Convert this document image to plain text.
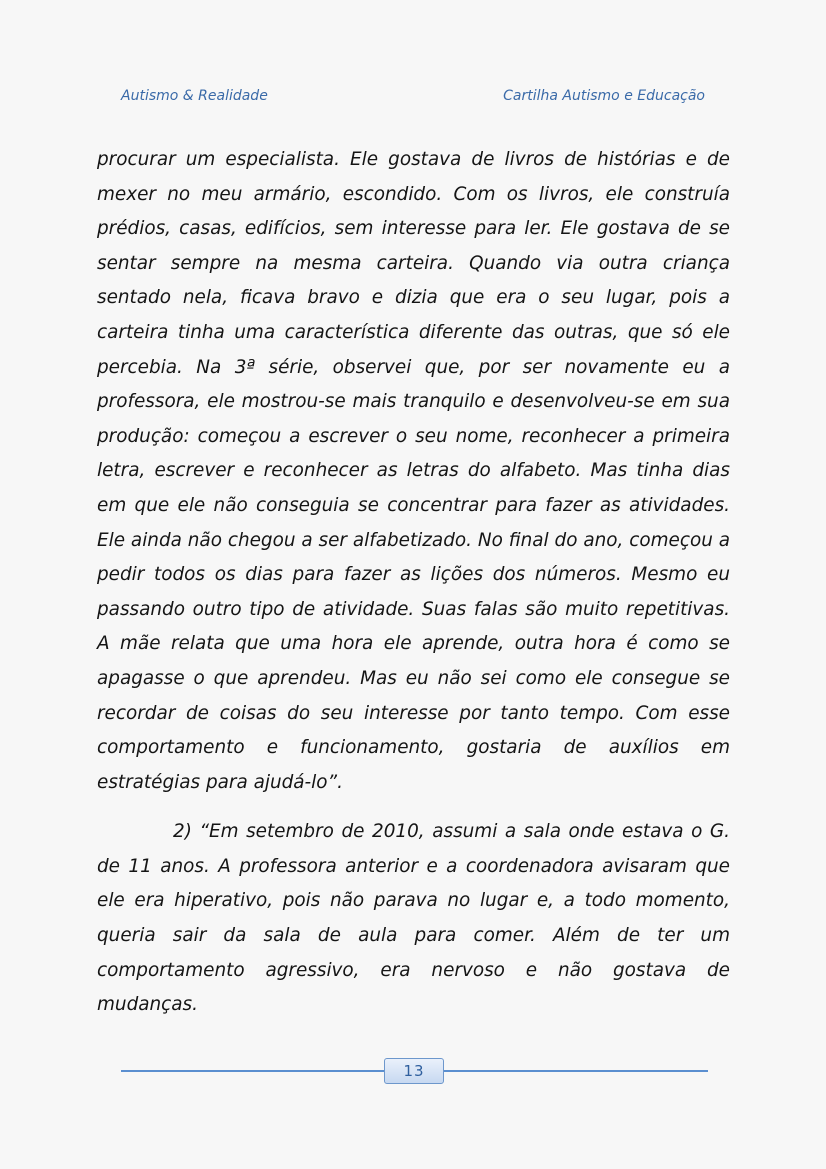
Autismo & Realidade	Cartilha Autismo e Educação

procurar um especialista. Ele gostava de livros de histórias e de mexer no meu armário, escondido. Com os livros, ele construía prédios, casas, edifícios, sem interesse para ler. Ele gostava de se sentar sempre na mesma carteira. Quando via outra criança sentado nela, ficava bravo e dizia que era o seu lugar, pois a carteira tinha uma característica diferente das outras, que só ele percebia. Na 3ª série, observei que, por ser novamente eu a professora, ele mostrou-se mais tranquilo e desenvolveu-se em sua produção: começou a escrever o seu nome, reconhecer a primeira letra, escrever e reconhecer as letras do alfabeto. Mas tinha dias em que ele não conseguia se concentrar para fazer as atividades. Ele ainda não chegou a ser alfabetizado. No final do ano, começou a pedir todos os dias para fazer as lições dos números. Mesmo eu passando outro tipo de atividade. Suas falas são muito repetitivas. A mãe relata que uma hora ele aprende, outra hora é como se apagasse o que aprendeu. Mas eu não sei como ele consegue se recordar de coisas do seu interesse por tanto tempo. Com esse comportamento e funcionamento, gostaria de auxílios em estratégias para ajudá-lo”.

2) “Em setembro de 2010, assumi a sala onde estava o G. de 11 anos. A professora anterior e a coordenadora avisaram que ele era hiperativo, pois não parava no lugar e, a todo momento, queria sair da sala de aula para comer. Além de ter um comportamento agressivo, era nervoso e não gostava de mudanças.

13
